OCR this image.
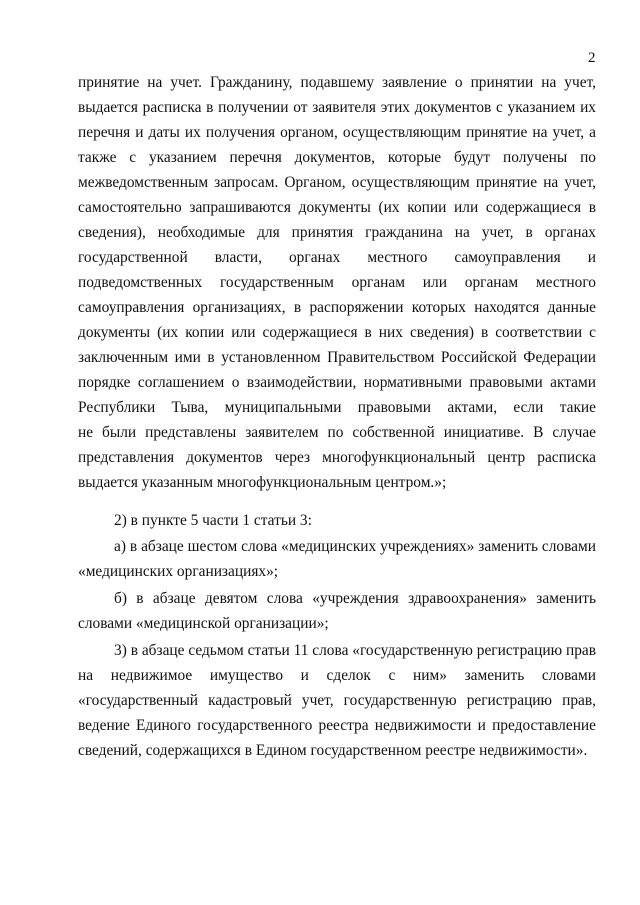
2
принятие на учет. Гражданину, подавшему заявление о принятии на учет,
выдается расписка в получении от заявителя этих документов с указанием их
перечня и даты их получения органом, осуществляющим принятие на учет, а
также с указанием перечня документов, которые будут получены по
межведомственным запросам. Органом, осуществляющим принятие на учет,
самостоятельно запрашиваются документы (их копии или содержащиеся в
сведения), необходимые для принятия гражданина на учет, в органах
государственной власти, органах местного самоуправления и
подведомственных государственным органам или органам местного
самоуправления организациях, в распоряжении которых находятся данные
документы (их копии или содержащиеся в них сведения) в соответствии с
заключенным ими в установленном Правительством Российской Федерации
порядке соглашением о взаимодействии, нормативными правовыми актами
Республики Тыва, муниципальными правовыми актами, если такие
не были представлены заявителем по собственной инициативе. В случае
представления документов через многофункциональный центр расписка
выдается указанным многофункциональным центром.»;
2) в пункте 5 части 1 статьи 3:
а) в абзаце шестом слова «медицинских учреждениях» заменить словами
«медицинских организациях»;
б) в абзаце девятом слова «учреждения здравоохранения» заменить
словами «медицинской организации»;
3) в абзаце седьмом статьи 11 слова «государственную регистрацию прав
на недвижимое имущество и сделок с ним» заменить словами
«государственный кадастровый учет, государственную регистрацию прав,
ведение Единого государственного реестра недвижимости и предоставление
сведений, содержащихся в Едином государственном реестре недвижимости».
